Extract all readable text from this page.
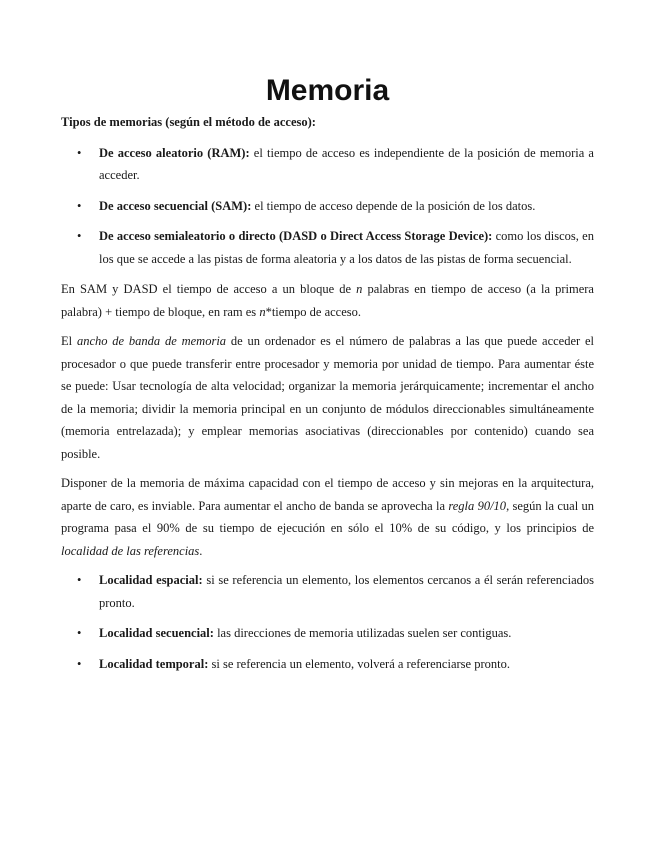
Memoria

Tipos de memorias (según el método de acceso):

• De acceso aleatorio (RAM): el tiempo de acceso es independiente de la posición de memoria a acceder.
• De acceso secuencial (SAM): el tiempo de acceso depende de la posición de los datos.
• De acceso semialeatorio o directo (DASD o Direct Access Storage Device): como los discos, en los que se accede a las pistas de forma aleatoria y a los datos de las pistas de forma secuencial.

En SAM y DASD el tiempo de acceso a un bloque de n palabras en tiempo de acceso (a la primera palabra) + tiempo de bloque, en ram es n*tiempo de acceso.

El ancho de banda de memoria de un ordenador es el número de palabras a las que puede acceder el procesador o que puede transferir entre procesador y memoria por unidad de tiempo. Para aumentar éste se puede: Usar tecnología de alta velocidad; organizar la memoria jerárquicamente; incrementar el ancho de la memoria; dividir la memoria principal en un conjunto de módulos direccionables simultáneamente (memoria entrelazada); y emplear memorias asociativas (direccionables por contenido) cuando sea posible.

Disponer de la memoria de máxima capacidad con el tiempo de acceso y sin mejoras en la arquitectura, aparte de caro, es inviable. Para aumentar el ancho de banda se aprovecha la regla 90/10, según la cual un programa pasa el 90% de su tiempo de ejecución en sólo el 10% de su código, y los principios de localidad de las referencias.

• Localidad espacial: si se referencia un elemento, los elementos cercanos a él serán referenciados pronto.
• Localidad secuencial: las direcciones de memoria utilizadas suelen ser contiguas.
• Localidad temporal: si se referencia un elemento, volverá a referenciarse pronto.
